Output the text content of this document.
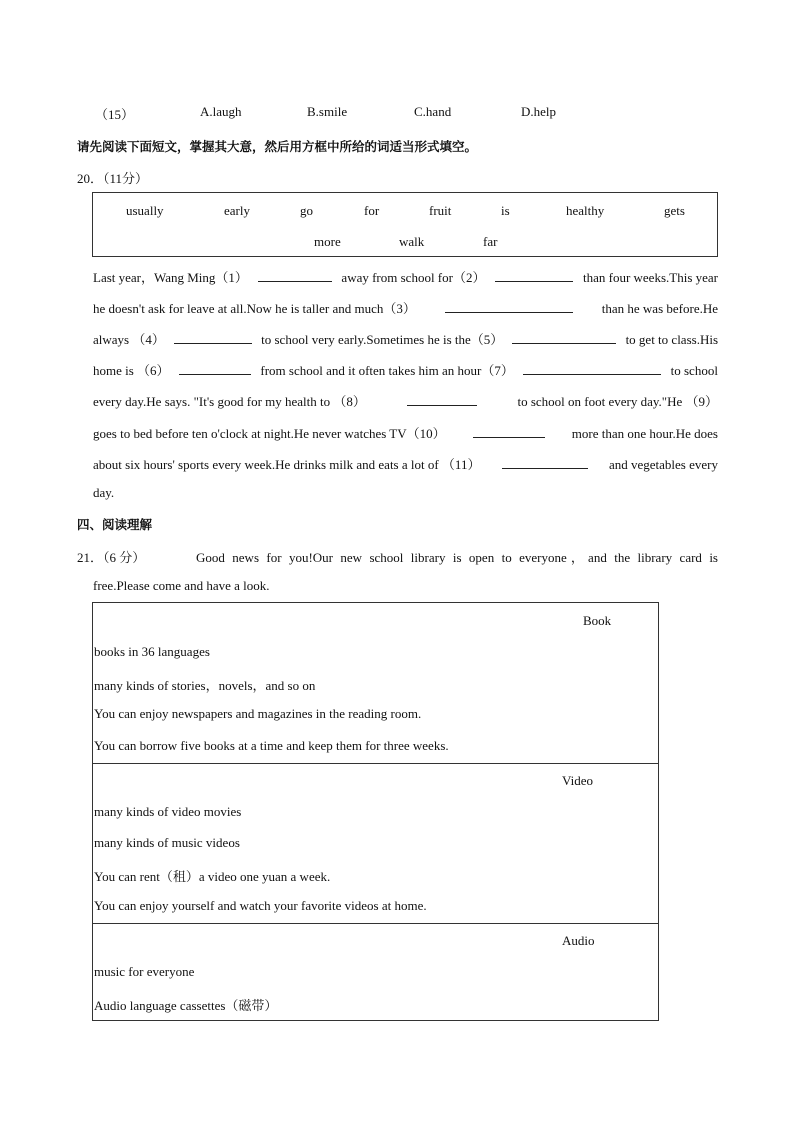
（15）	A.laugh	B.smile	C.hand	D.help
请先阅读下面短文，掌握其大意，然后用方框中所给的词适当形式填空。
20．（11分）
usually	early	go	for	fruit	is	healthy	gets
more	walk	far
Last year，Wang Ming（1）	away from school for（2）	than four weeks.This year
he doesn't ask for leave at all.Now he is taller and much（3）	than he was before.He
always （4）	to school very early.Sometimes he is the（5）	to get to class.His
home is （6）	from school and it often takes him an hour（7）	to school
every day.He says. "It's good for my health to （8）	to school on foot every day."He （9）
goes to bed before ten o'clock at night.He never watches TV（10）	more than one hour.He does
about six hours' sports every week.He drinks milk and eats a lot of （11）	and vegetables every
day.
四、阅读理解
21．（6 分）	Good news for you!Our new school library is open to everyone，and the library card is
free.Please come and have a look.
Book
books in 36 languages
many kinds of stories，novels，and so on
You can enjoy newspapers and magazines in the reading room.
You can borrow five books at a time and keep them for three weeks.
Video
many kinds of video movies
many kinds of music videos
You can rent（租）a video one yuan a week.
You can enjoy yourself and watch your favorite videos at home.
Audio
music for everyone
Audio language cassettes（磁带）
